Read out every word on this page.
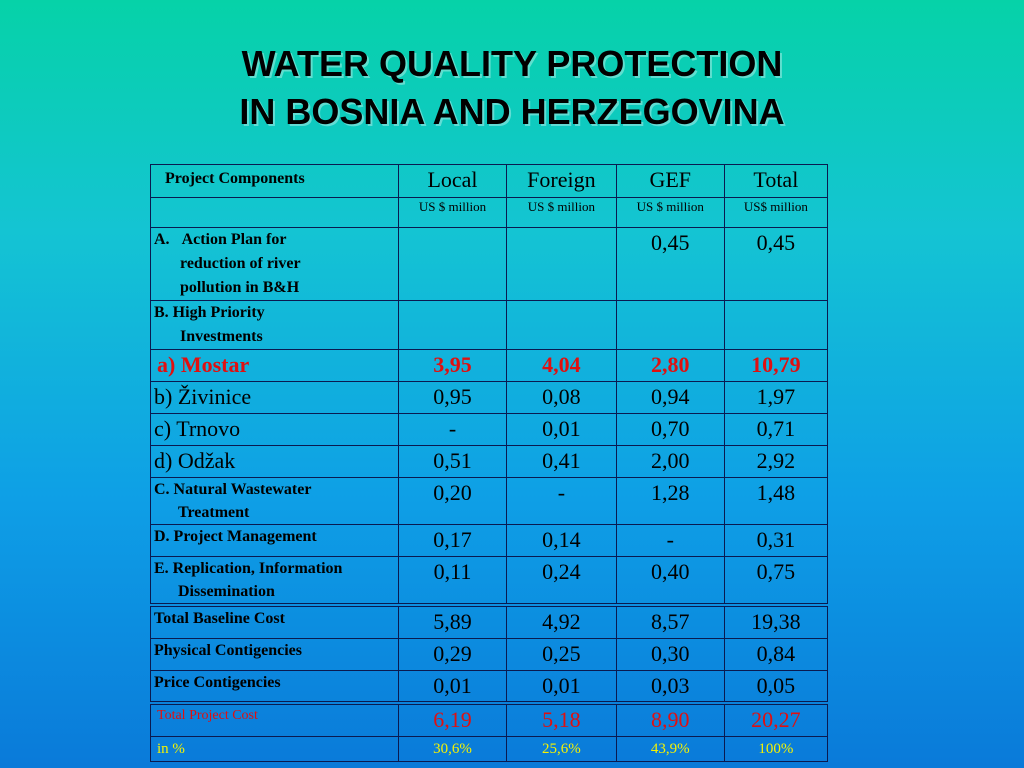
WATER QUALITY PROTECTION
IN BOSNIA AND HERZEGOVINA
Project Components	Local	Foreign	GEF	Total
	US $ million	US $ million	US $ million	US$ million
A. Action Plan for
reduction of river
pollution in B&H			0,45	0,45
B. High Priority
Investments				

a) Mostar	3,95	4,04	2,80	10,79
b) Živinice	0,95	0,08	0,94	1,97
c) Trnovo	-	0,01	0,70	0,71
d) Odžak	0,51	0,41	2,00	2,92
C. Natural Wastewater
Treatment	0,20	-	1,28	1,48
D. Project Management	0,17	0,14	-	0,31
E. Replication, Information
Dissemination	0,11	0,24	0,40	0,75
Total Baseline Cost	5,89	4,92	8,57	19,38
Physical Contigencies	0,29	0,25	0,30	0,84
Price Contigencies	0,01	0,01	0,03	0,05
Total Project Cost	6,19	5,18	8,90	20,27
in %	30,6%	25,6%	43,9%	100%
